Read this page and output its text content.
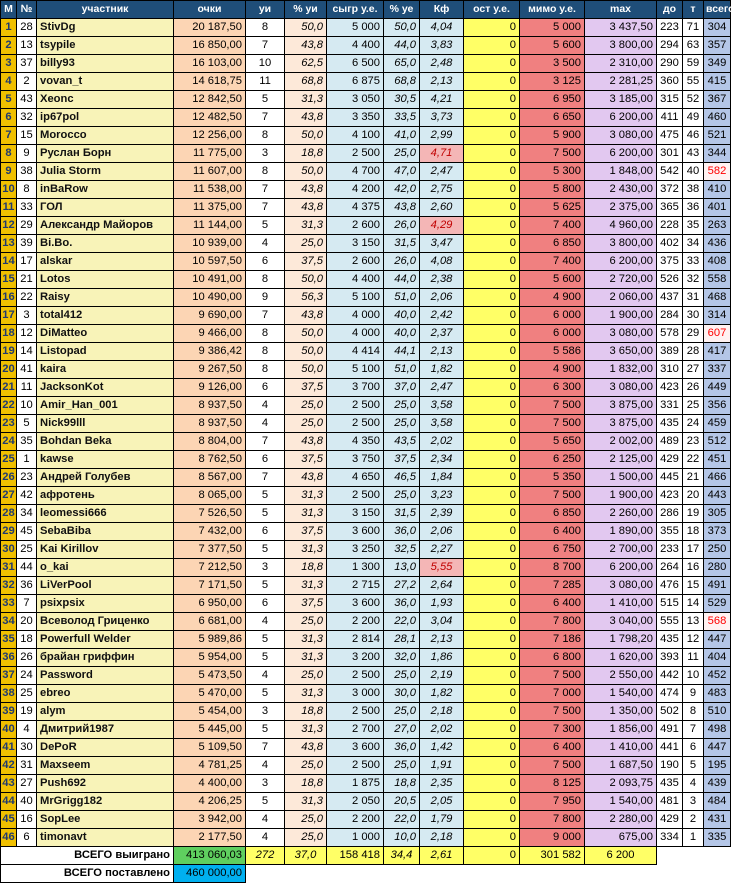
М	№	участник	очки	уи	% уи	сыгр у.е.	% уе	Кф	ост у.е.	мимо у.е.	max	до	т	всего
1	28	StivDg	20 187,50	8	50,0	5 000	50,0	4,04	0	5 000	3 437,50	223	71	304
2	13	tsypile	16 850,00	7	43,8	4 400	44,0	3,83	0	5 600	3 800,00	294	63	357
3	37	billy93	16 103,00	10	62,5	6 500	65,0	2,48	0	3 500	2 310,00	290	59	349
4	2	vovan_t	14 618,75	11	68,8	6 875	68,8	2,13	0	3 125	2 281,25	360	55	415
5	43	Xeonc	12 842,50	5	31,3	3 050	30,5	4,21	0	6 950	3 185,00	315	52	367
6	32	ip67pol	12 482,50	7	43,8	3 350	33,5	3,73	0	6 650	6 200,00	411	49	460
7	15	Morocco	12 256,00	8	50,0	4 100	41,0	2,99	0	5 900	3 080,00	475	46	521
8	9	Руслан Борн	11 775,00	3	18,8	2 500	25,0	4,71	0	7 500	6 200,00	301	43	344
9	38	Julia Storm	11 607,00	8	50,0	4 700	47,0	2,47	0	5 300	1 848,00	542	40	582
10	8	inBaRow	11 538,00	7	43,8	4 200	42,0	2,75	0	5 800	2 430,00	372	38	410
11	33	ГОЛ	11 375,00	7	43,8	4 375	43,8	2,60	0	5 625	2 375,00	365	36	401
12	29	Александр Майоров	11 144,00	5	31,3	2 600	26,0	4,29	0	7 400	4 960,00	228	35	263
13	39	Bi.Bo.	10 939,00	4	25,0	3 150	31,5	3,47	0	6 850	3 800,00	402	34	436
14	17	alskar	10 597,50	6	37,5	2 600	26,0	4,08	0	7 400	6 200,00	375	33	408
15	21	Lotos	10 491,00	8	50,0	4 400	44,0	2,38	0	5 600	2 720,00	526	32	558
16	22	Raisy	10 490,00	9	56,3	5 100	51,0	2,06	0	4 900	2 060,00	437	31	468
17	3	total412	9 690,00	7	43,8	4 000	40,0	2,42	0	6 000	1 900,00	284	30	314
18	12	DiMatteo	9 466,00	8	50,0	4 000	40,0	2,37	0	6 000	3 080,00	578	29	607
19	14	Listopad	9 386,42	8	50,0	4 414	44,1	2,13	0	5 586	3 650,00	389	28	417
20	41	kaira	9 267,50	8	50,0	5 100	51,0	1,82	0	4 900	1 832,00	310	27	337
21	11	JacksonKot	9 126,00	6	37,5	3 700	37,0	2,47	0	6 300	3 080,00	423	26	449
22	10	Amir_Han_001	8 937,50	4	25,0	2 500	25,0	3,58	0	7 500	3 875,00	331	25	356
23	5	Nick99lll	8 937,50	4	25,0	2 500	25,0	3,58	0	7 500	3 875,00	435	24	459
24	35	Bohdan Beka	8 804,00	7	43,8	4 350	43,5	2,02	0	5 650	2 002,00	489	23	512
25	1	kawse	8 762,50	6	37,5	3 750	37,5	2,34	0	6 250	2 125,00	429	22	451
26	23	Андрей Голубев	8 567,00	7	43,8	4 650	46,5	1,84	0	5 350	1 500,00	445	21	466
27	42	афротень	8 065,00	5	31,3	2 500	25,0	3,23	0	7 500	1 900,00	423	20	443
28	34	leomessi666	7 526,50	5	31,3	3 150	31,5	2,39	0	6 850	2 260,00	286	19	305
29	45	SebaBiba	7 432,00	6	37,5	3 600	36,0	2,06	0	6 400	1 890,00	355	18	373
30	25	Kai Kirillov	7 377,50	5	31,3	3 250	32,5	2,27	0	6 750	2 700,00	233	17	250
31	44	o_kai	7 212,50	3	18,8	1 300	13,0	5,55	0	8 700	6 200,00	264	16	280
32	36	LiVerPool	7 171,50	5	31,3	2 715	27,2	2,64	0	7 285	3 080,00	476	15	491
33	7	psixpsix	6 950,00	6	37,5	3 600	36,0	1,93	0	6 400	1 410,00	515	14	529
34	20	Всеволод Гриценко	6 681,00	4	25,0	2 200	22,0	3,04	0	7 800	3 040,00	555	13	568
35	18	Powerfull Welder	5 989,86	5	31,3	2 814	28,1	2,13	0	7 186	1 798,20	435	12	447
36	26	брайан гриффин	5 954,00	5	31,3	3 200	32,0	1,86	0	6 800	1 620,00	393	11	404
37	24	Password	5 473,50	4	25,0	2 500	25,0	2,19	0	7 500	2 550,00	442	10	452
38	25	ebreo	5 470,00	5	31,3	3 000	30,0	1,82	0	7 000	1 540,00	474	9	483
39	19	alym	5 454,00	3	18,8	2 500	25,0	2,18	0	7 500	1 350,00	502	8	510
40	4	Дмитрий1987	5 445,00	5	31,3	2 700	27,0	2,02	0	7 300	1 856,00	491	7	498
41	30	DePoR	5 109,50	7	43,8	3 600	36,0	1,42	0	6 400	1 410,00	441	6	447
42	31	Maxseem	4 781,25	4	25,0	2 500	25,0	1,91	0	7 500	1 687,50	190	5	195
43	27	Push692	4 400,00	3	18,8	1 875	18,8	2,35	0	8 125	2 093,75	435	4	439
44	40	MrGrigg182	4 206,25	5	31,3	2 050	20,5	2,05	0	7 950	1 540,00	481	3	484
45	16	SopLee	3 942,00	4	25,0	2 200	22,0	1,79	0	7 800	2 280,00	429	2	431
46	6	timonavt	2 177,50	4	25,0	1 000	10,0	2,18	0	9 000	675,00	334	1	335
ВСЕГО выиграно			413 060,03	272	37,0	158 418	34,4	2,61	0	301 582	6 200			
ВСЕГО поставлено			460 000,00											
